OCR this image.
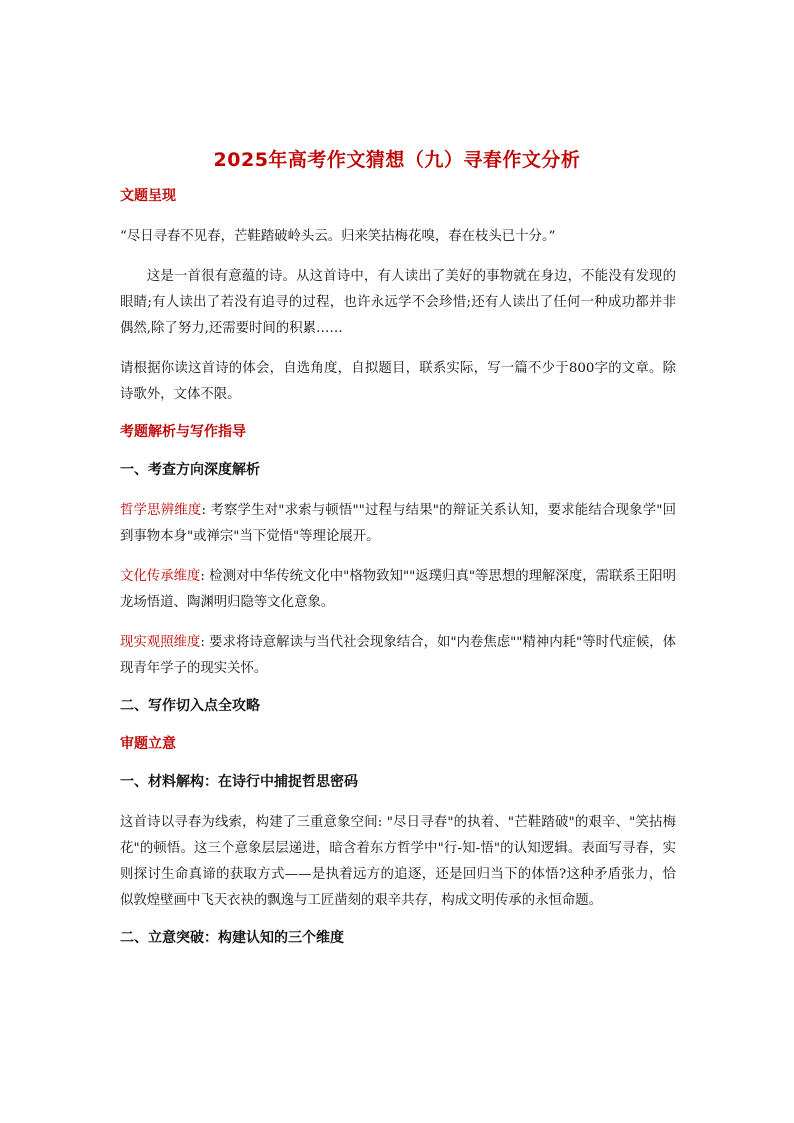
2025年高考作文猜想（九）寻春作文分析
文题呈现

“尽日寻春不见春，芒鞋踏破岭头云。归来笑拈梅花嗅，春在枝头已十分。”

这是一首很有意蕴的诗。从这首诗中，有人读出了美好的事物就在身边，不能没有发现的眼睛;有人读出了若没有追寻的过程，也许永远学不会珍惜;还有人读出了任何一种成功都并非偶然,除了努力,还需要时间的积累……

请根据你读这首诗的体会，自选角度，自拟题目，联系实际，写一篇不少于800字的文章。除诗歌外，文体不限。

考题解析与写作指导
一、考查方向深度解析

哲学思辨维度: 考察学生对"求索与顿悟""过程与结果"的辩证关系认知，要求能结合现象学"回到事物本身"或禅宗"当下觉悟"等理论展开。

文化传承维度: 检测对中华传统文化中"格物致知""返璞归真"等思想的理解深度，需联系王阳明龙场悟道、陶渊明归隐等文化意象。

现实观照维度: 要求将诗意解读与当代社会现象结合，如"内卷焦虑""精神内耗"等时代症候，体现青年学子的现实关怀。

二、写作切入点全攻略
审题立意
一、材料解构：在诗行中捕捉哲思密码

这首诗以寻春为线索，构建了三重意象空间: "尽日寻春"的执着、"芒鞋踏破"的艰辛、"笑拈梅花"的顿悟。这三个意象层层递进，暗含着东方哲学中"行-知-悟"的认知逻辑。表面写寻春，实则探讨生命真谛的获取方式——是执着远方的追逐，还是回归当下的体悟?这种矛盾张力，恰似敦煌壁画中飞天衣袂的飘逸与工匠凿刻的艰辛共存，构成文明传承的永恒命题。

二、立意突破：构建认知的三个维度
